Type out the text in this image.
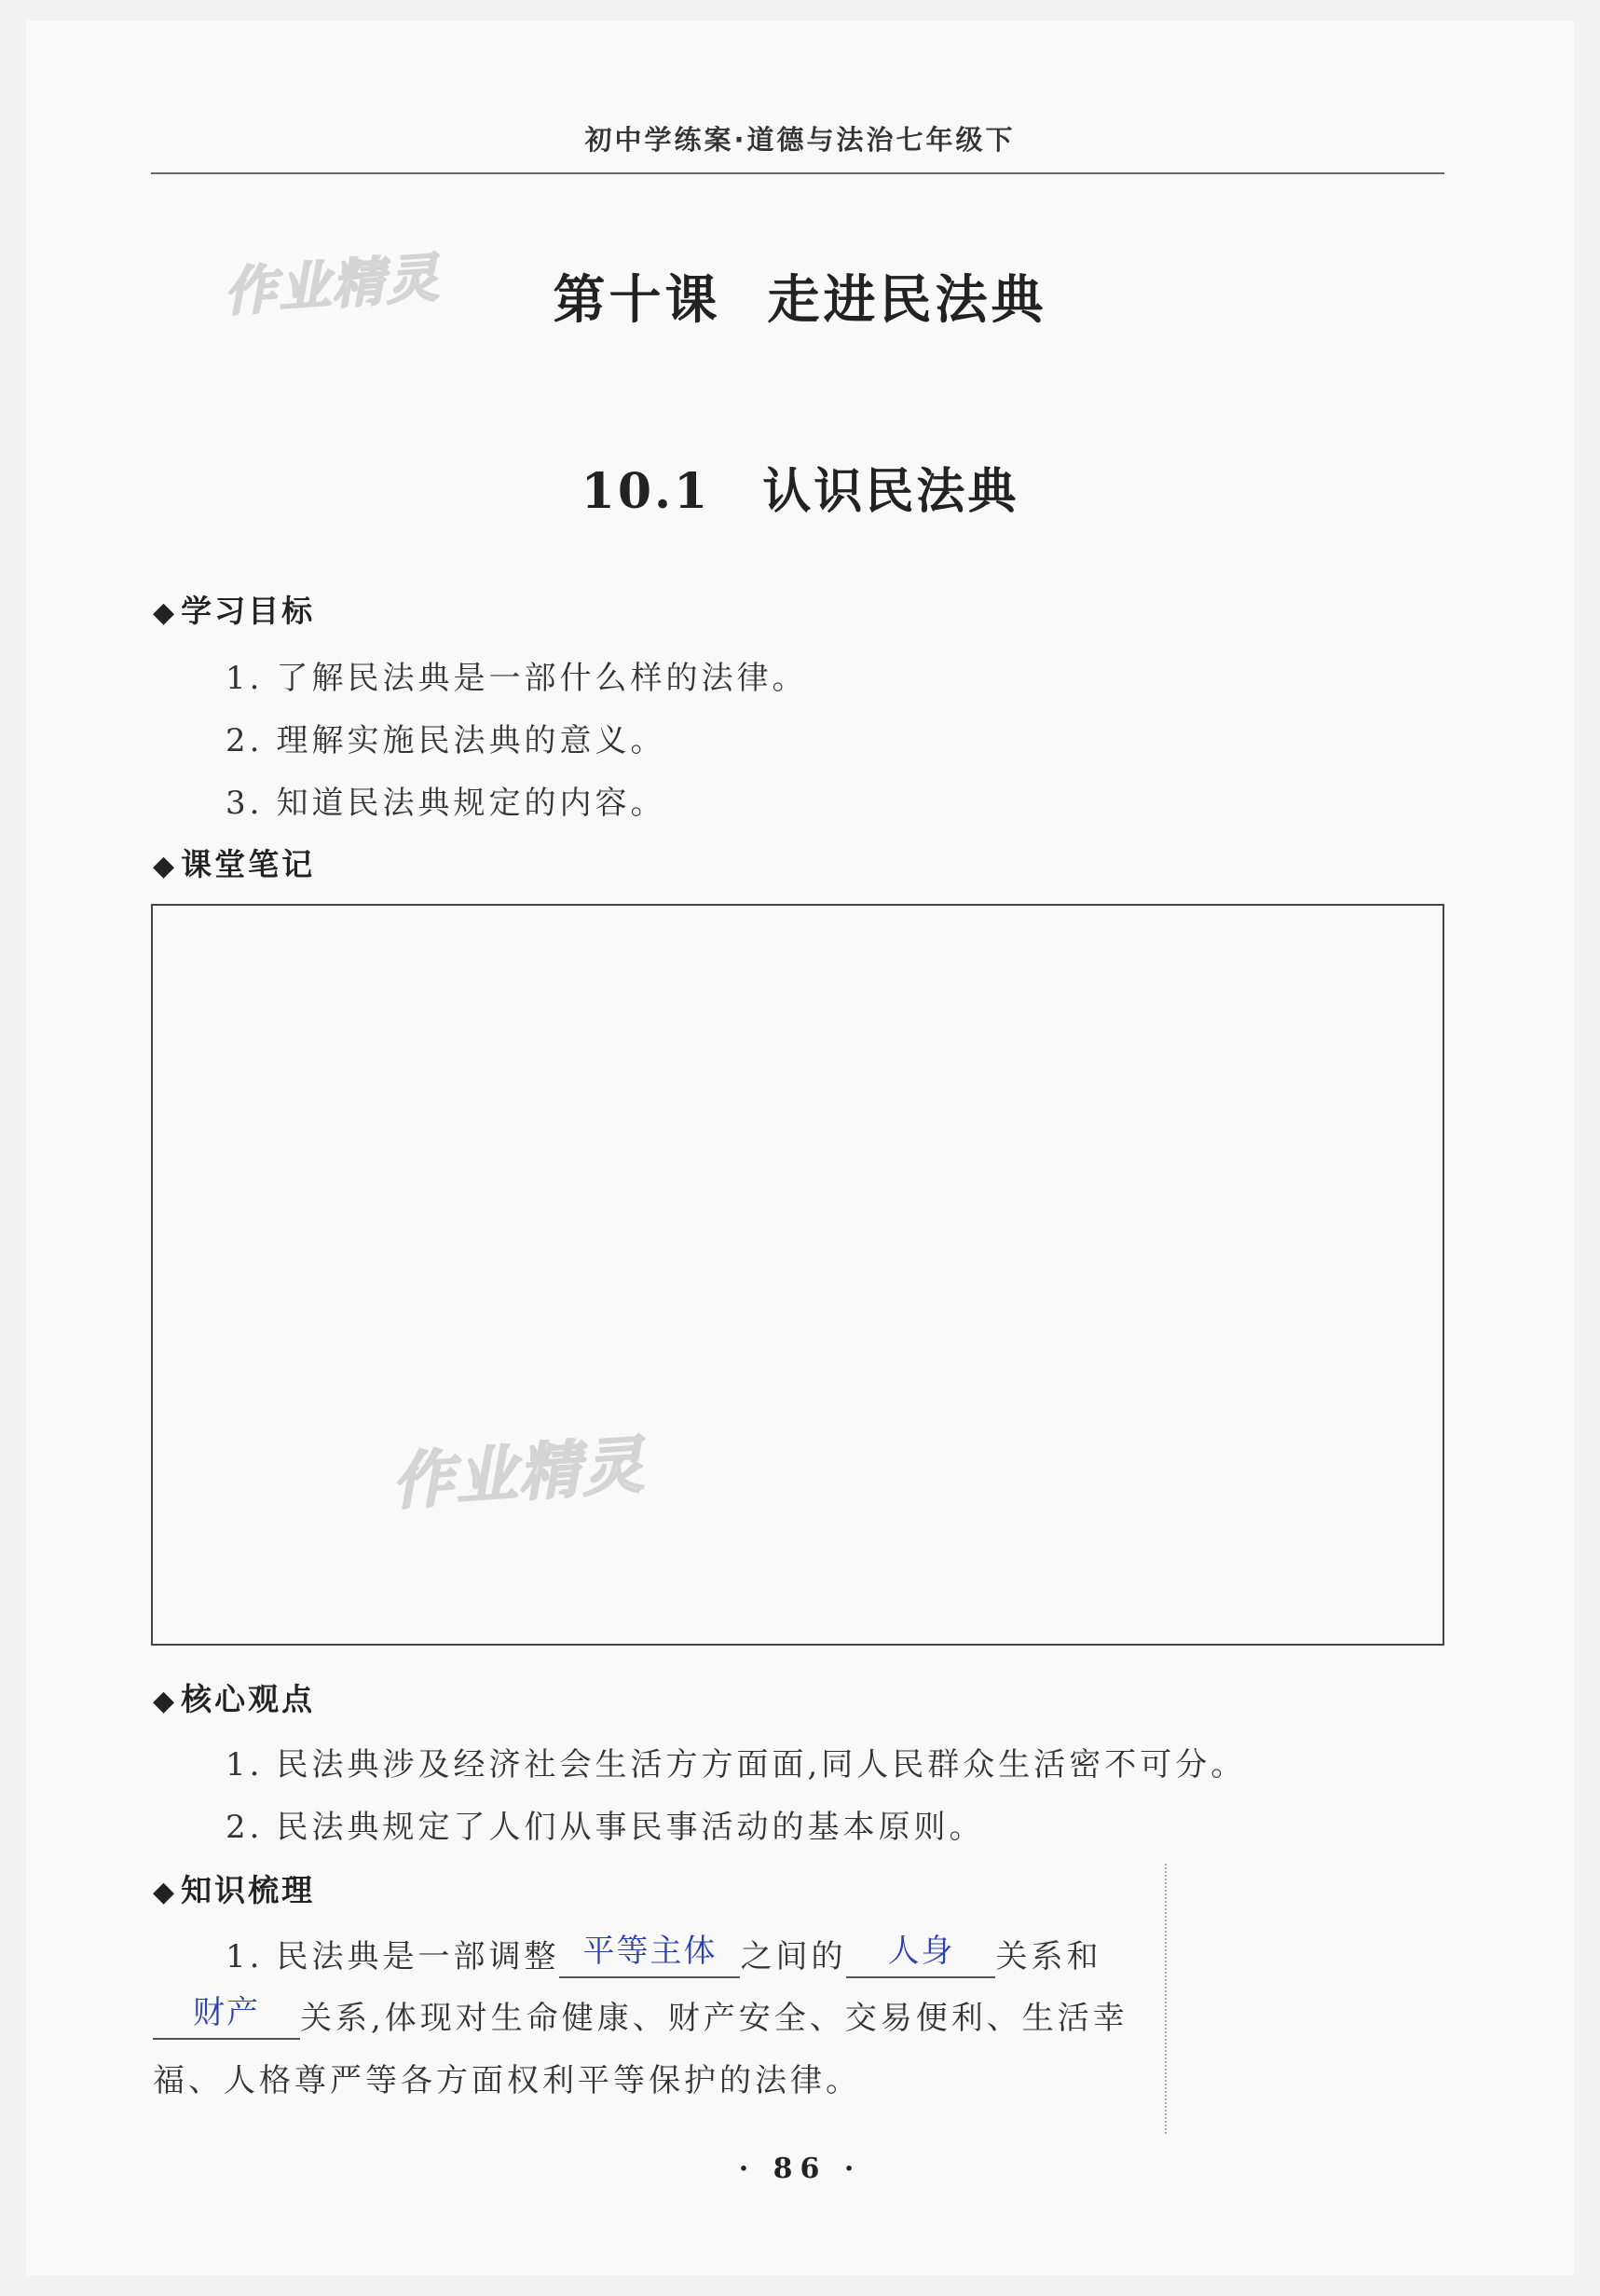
初中学练案·道德与法治七年级下
作业精灵
作业精灵
第十课 走进民法典
10.1 认识民法典
◆ 学习目标
1. 了解民法典是一部什么样的法律。
2. 理解实施民法典的意义。
3. 知道民法典规定的内容。
◆ 课堂笔记
◆ 核心观点
1. 民法典涉及经济社会生活方方面面,同人民群众生活密不可分。
2. 民法典规定了人们从事民事活动的基本原则。
◆ 知识梳理
1. 民法典是一部调整 平等主体 之间的 人身 关系和
财产 关系,体现对生命健康、财产安全、交易便利、生活幸
福、人格尊严等各方面权利平等保护的法律。
· 86 ·
